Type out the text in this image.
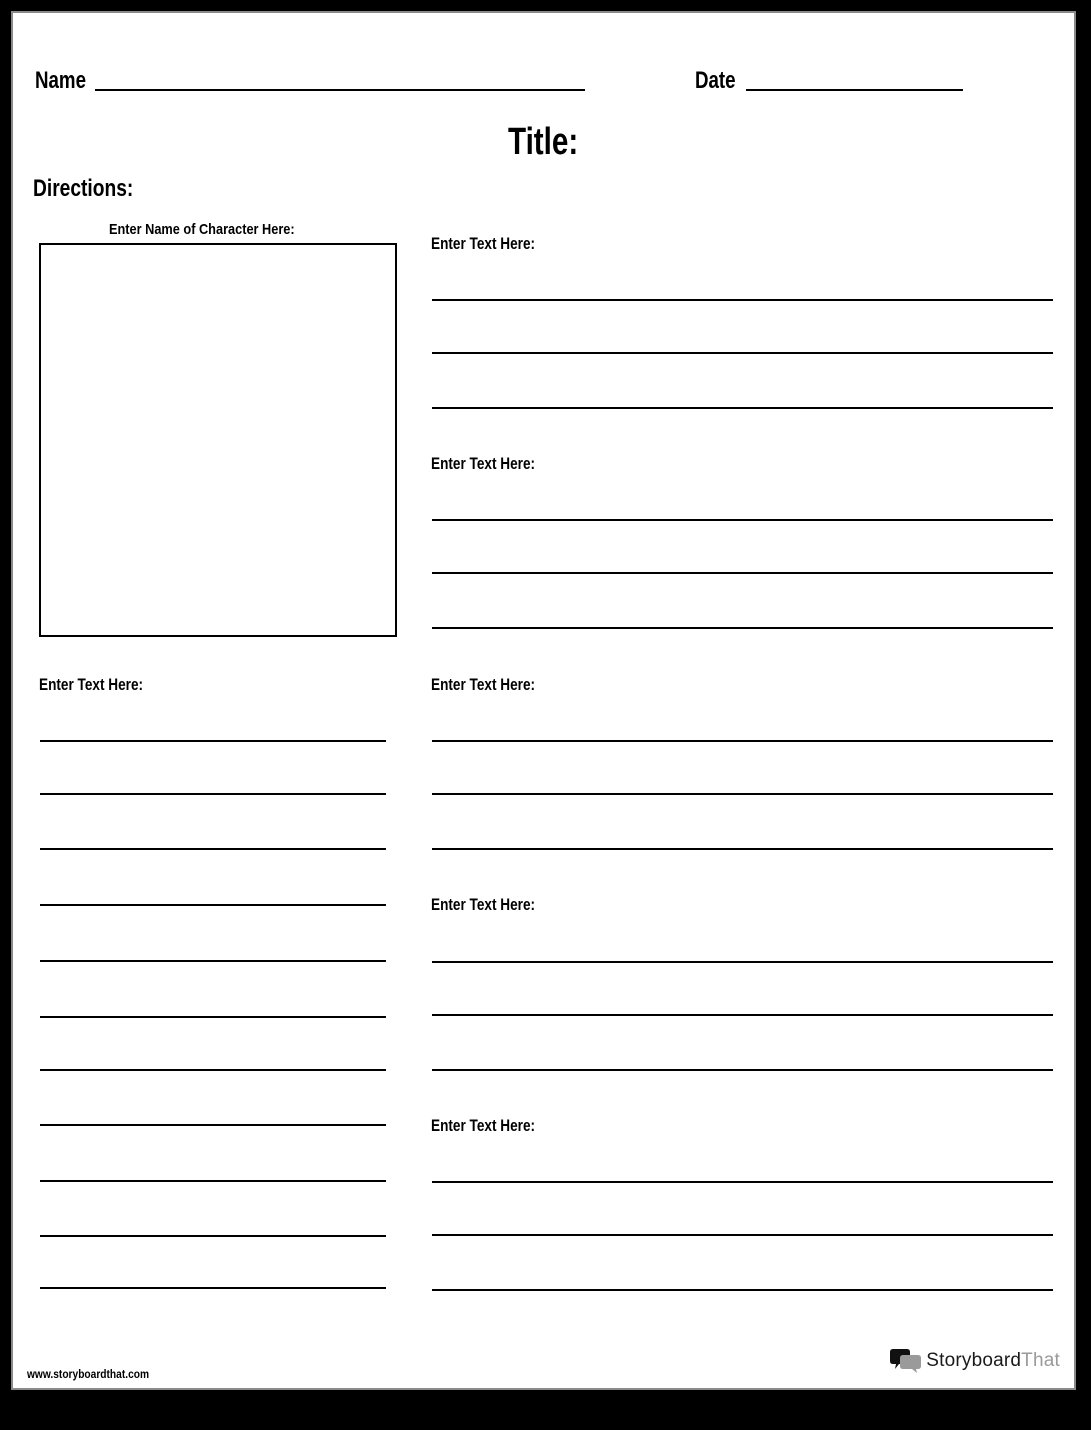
Name	Date
Title:
Directions:
Enter Name of Character Here:
Enter Text Here:
Enter Text Here:
Enter Text Here:	Enter Text Here:
Enter Text Here:
Enter Text Here:
www.storyboardthat.com
StoryboardThat
